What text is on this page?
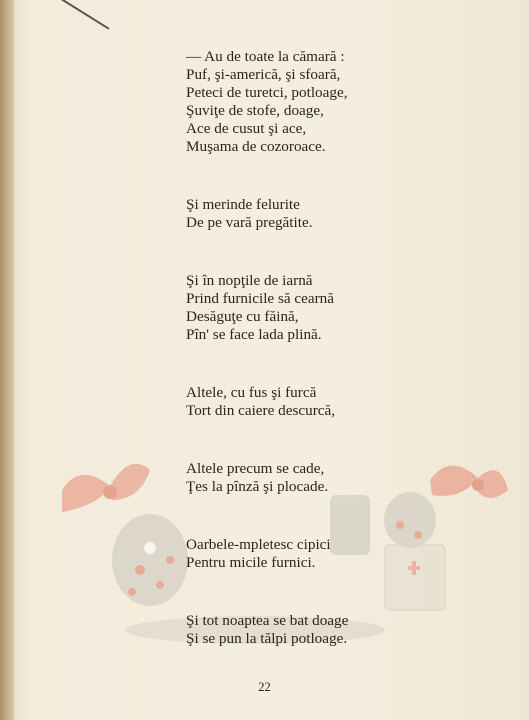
— Au de toate la cămară :
Puf, şi-americă, şi sfoară,
Peteci de turetci, potloage,
Şuviţe de stofe, doage,
Ace de cusut şi ace,
Muşama de cozoroace.

Şi merinde felurite
De pe vară pregătite.

Şi în nopţile de iarnă
Prind furnicile să cearnă
Desăguţe cu făină,
Pîn' se face lada plină.

Altele, cu fus şi furcă
Tort din caiere descurcă,

Altele precum se cade,
Ţes la pînză şi plocade.

Oarbele-mpletesc cipici
Pentru micile furnici.

Şi tot noaptea se bat doage
Şi se pun la tălpi potloage.

22
